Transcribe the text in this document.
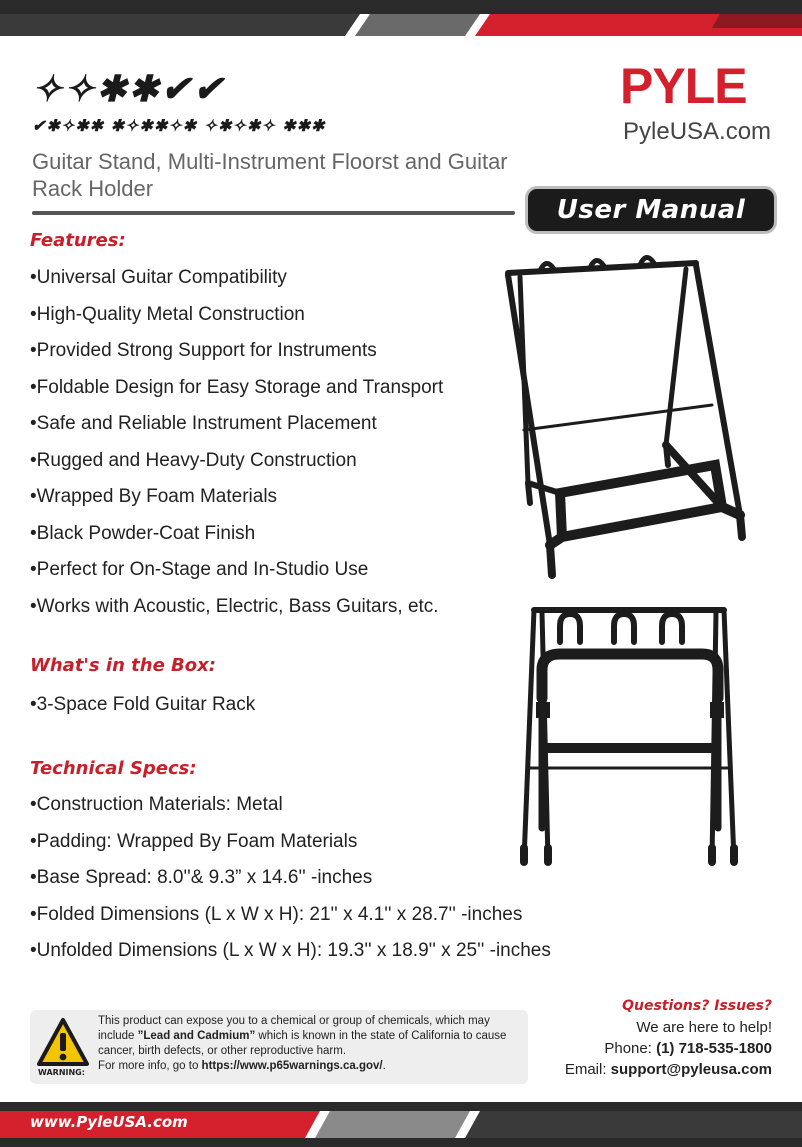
✧✧✱✱✔✔
✔✱✧✱✱ ✱✧✱✱✧✱ ✧✱✧✱✧ ✱✱✱
Guitar Stand, Multi-Instrument Floorst and Guitar Rack Holder
PYLE
PyleUSA.com
User Manual
Features:
• Universal Guitar Compatibility
• High-Quality Metal Construction
• Provided Strong Support for Instruments
• Foldable Design for Easy Storage and Transport
• Safe and Reliable Instrument Placement
• Rugged and Heavy-Duty Construction
• Wrapped By Foam Materials
• Black Powder-Coat Finish
• Perfect for On-Stage and In-Studio Use
• Works with Acoustic, Electric, Bass Guitars, etc.
What's in the Box:
• 3-Space Fold Guitar Rack
Technical Specs:
• Construction Materials: Metal
• Padding: Wrapped By Foam Materials
• Base Spread: 8.0''& 9.3” x 14.6'' -inches
• Folded Dimensions (L x W x H): 21'' x 4.1'' x 28.7'' -inches
• Unfolded Dimensions (L x W x H): 19.3'' x 18.9'' x 25'' -inches
WARNING:
This product can expose you to a chemical or group of chemicals, which may include ”Lead and Cadmium” which is known in the state of California to cause cancer, birth defects, or other reproductive harm.
For more info, go to https://www.p65warnings.ca.gov/.
Questions? Issues?
We are here to help!
Phone: (1) 718-535-1800
Email: support@pyleusa.com
www.PyleUSA.com
